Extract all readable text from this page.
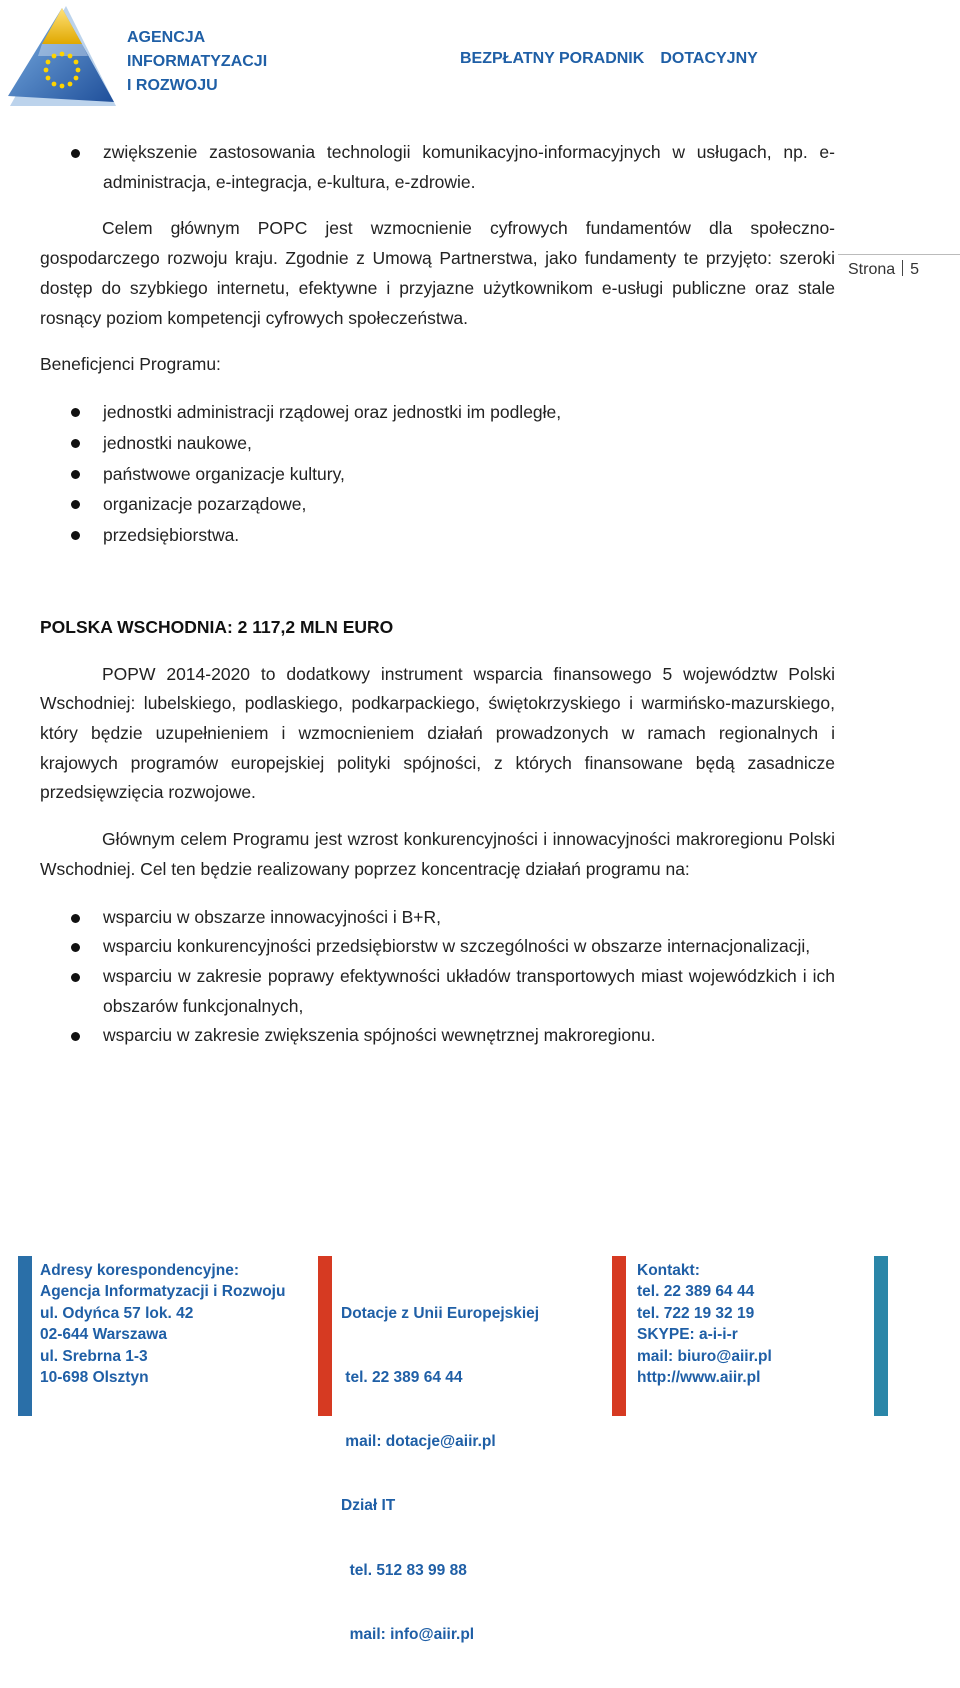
AGENCJA
INFORMATYZACJI
I ROZWOJU
BEZPŁATNY PORADNIK DOTACYJNY
Strona 5
zwiększenie zastosowania technologii komunikacyjno-informacyjnych w usługach, np. e-administracja, e-integracja, e-kultura, e-zdrowie.

Celem głównym POPC jest wzmocnienie cyfrowych fundamentów dla społeczno-gospodarczego rozwoju kraju. Zgodnie z Umową Partnerstwa, jako fundamenty te przyjęto: szeroki dostęp do szybkiego internetu, efektywne i przyjazne użytkownikom e-usługi publiczne oraz stale rosnący poziom kompetencji cyfrowych społeczeństwa.

Beneficjenci Programu:

jednostki administracji rządowej oraz jednostki im podległe,
jednostki naukowe,
państwowe organizacje kultury,
organizacje pozarządowe,
przedsiębiorstwa.

POLSKA WSCHODNIA: 2 117,2 MLN EURO

POPW 2014-2020 to dodatkowy instrument wsparcia finansowego 5 województw Polski Wschodniej: lubelskiego, podlaskiego, podkarpackiego, świętokrzyskiego i warmińsko-mazurskiego, który będzie uzupełnieniem i wzmocnieniem działań prowadzonych w ramach regionalnych i krajowych programów europejskiej polityki spójności, z których finansowane będą zasadnicze przedsięwzięcia rozwojowe.

Głównym celem Programu jest wzrost konkurencyjności i innowacyjności makroregionu Polski Wschodniej. Cel ten będzie realizowany poprzez koncentrację działań programu na:

wsparciu w obszarze innowacyjności i B+R,
wsparciu konkurencyjności przedsiębiorstw w szczególności w obszarze internacjonalizacji,
wsparciu w zakresie poprawy efektywności układów transportowych miast wojewódzkich i ich obszarów funkcjonalnych,
wsparciu w zakresie zwiększenia spójności wewnętrznej makroregionu.
Adresy korespondencyjne:
Agencja Informatyzacji i Rozwoju
ul. Odyńca 57 lok. 42
02-644 Warszawa
ul. Srebrna 1-3
10-698 Olsztyn

Dotacje z Unii Europejskiej

tel. 22 389 64 44

mail: dotacje@aiir.pl

Dział IT

tel. 512 83 99 88

mail: info@aiir.pl

Kontakt:
tel. 22 389 64 44
tel. 722 19 32 19
SKYPE: a-i-i-r
mail: biuro@aiir.pl
http://www.aiir.pl
